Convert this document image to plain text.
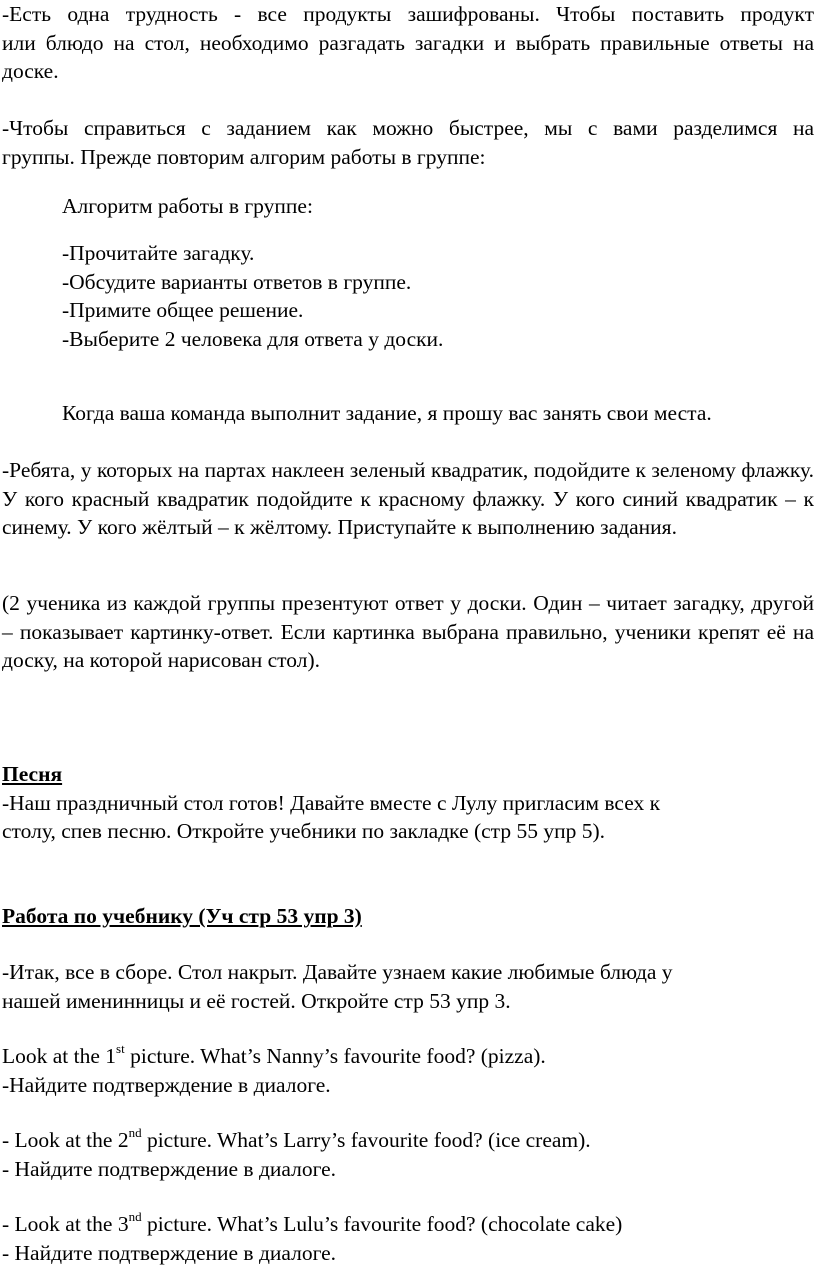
-Есть одна трудность - все продукты зашифрованы. Чтобы поставить продукт
или блюдо на стол, необходимо разгадать загадки и выбрать правильные ответы на доске.

-Чтобы справиться с заданием как можно быстрее, мы с вами разделимся на
группы. Прежде повторим алгорим работы в группе:

Алгоритм работы в группе:

-Прочитайте загадку.
-Обсудите варианты ответов в группе.
-Примите общее решение.
-Выберите 2 человека для ответа у доски.

Когда ваша команда выполнит задание, я прошу вас занять свои места.

-Ребята, у которых на партах наклеен зеленый квадратик, подойдите к зеленому флажку. У кого красный квадратик подойдите к красному флажку. У кого синий квадратик – к синему. У кого жёлтый – к жёлтому. Приступайте к выполнению задания.

(2 ученика из каждой группы презентуют ответ у доски. Один – читает загадку, другой – показывает картинку-ответ. Если картинка выбрана правильно, ученики крепят её на доску, на которой нарисован стол).

Песня
-Наш праздничный стол готов! Давайте вместе с Лулу пригласим всех к
столу, спев песню. Откройте учебники по закладке (стр 55 упр 5).

Работа по учебнику (Уч стр 53 упр 3)

-Итак, все в сборе. Стол накрыт. Давайте узнаем какие любимые блюда у
нашей именинницы и её гостей. Откройте стр 53 упр 3.

Look at the 1st picture. What’s Nanny’s favourite food? (pizza).
-Найдите подтверждение в диалоге.

- Look at the 2nd picture. What’s Larry’s favourite food? (ice cream).
- Найдите подтверждение в диалоге.

- Look at the 3nd picture. What’s Lulu’s favourite food? (chocolate cake)
- Найдите подтверждение в диалоге.
